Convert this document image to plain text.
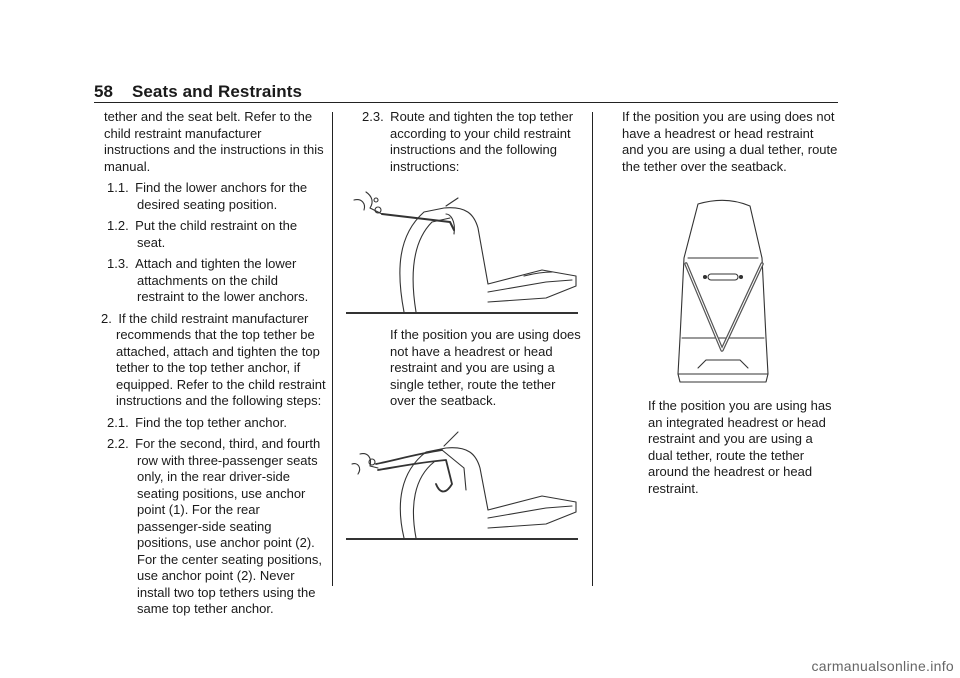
58 Seats and Restraints

tether and the seat belt. Refer to the child restraint manufacturer instructions and the instructions in this manual.

1.1. Find the lower anchors for the desired seating position.

1.2. Put the child restraint on the seat.

1.3. Attach and tighten the lower attachments on the child restraint to the lower anchors.

2. If the child restraint manufacturer recommends that the top tether be attached, attach and tighten the top tether to the top tether anchor, if equipped. Refer to the child restraint instructions and the following steps:

2.1. Find the top tether anchor.

2.2. For the second, third, and fourth row with three-passenger seats only, in the rear driver-side seating positions, use anchor point (1). For the rear passenger-side seating positions, use anchor point (2). For the center seating positions, use anchor point (2). Never install two top tethers using the same top tether anchor.

2.3. Route and tighten the top tether according to your child restraint instructions and the following instructions:

If the position you are using does not have a headrest or head restraint and you are using a single tether, route the tether over the seatback.

If the position you are using does not have a headrest or head restraint and you are using a dual tether, route the tether over the seatback.

If the position you are using has an integrated headrest or head restraint and you are using a dual tether, route the tether around the headrest or head restraint.

carmanualsonline.info
